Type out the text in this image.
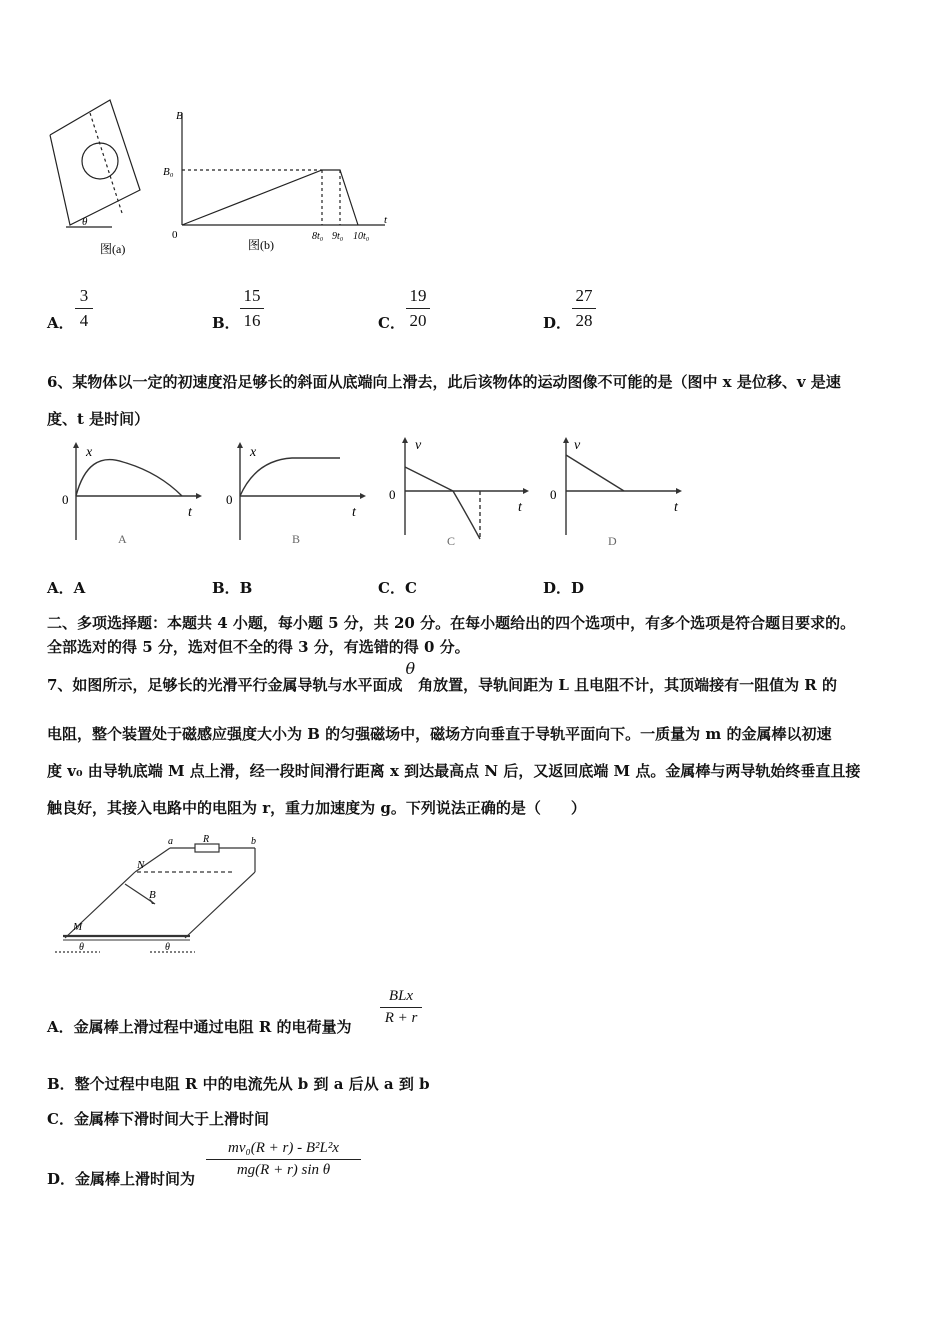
θ
图(a)
B
t
B₀
0	8t₀ 9t₀ 10t₀
图(b)
A．
3
4	B．
15
16	C．
19
20	D．
27
28
6、某物体以一定的初速度沿足够长的斜面从底端向上滑去，此后该物体的运动图像不可能的是（图中 x 是位移、v 是速
度、t 是时间）
x
0
t
A
x
0
t
B
v
0
t
C
v
0
t
D
A．A	B．B	C．C	D．D
二、多项选择题：本题共 4 小题，每小题 5 分，共 20 分。在每小题给出的四个选项中，有多个选项是符合题目要求的。
全部选对的得 5 分，选对但不全的得 3 分，有选错的得 0 分。
7、如图所示，足够长的光滑平行金属导轨与水平面成θ角放置，导轨间距为 L 且电阻不计，其顶端接有一阻值为 R 的
电阻，整个装置处于磁感应强度大小为 B 的匀强磁场中，磁场方向垂直于导轨平面向下。一质量为 m 的金属棒以初速
度 v₀ 由导轨底端 M 点上滑，经一段时间滑行距离 x 到达最高点 N 后，又返回底端 M 点。金属棒与两导轨始终垂直且接
触良好，其接入电路中的电阻为 r，重力加速度为 g。下列说法正确的是（　　）
a	R	b
N
B
M
θ	θ
A．金属棒上滑过程中通过电阻 R 的电荷量为
BLx
R + r
B．整个过程中电阻 R 中的电流先从 b 到 a 后从 a 到 b
C．金属棒下滑时间大于上滑时间
D．金属棒上滑时间为
mv₀(R + r) - B²L²x
mg(R + r) sin θ
